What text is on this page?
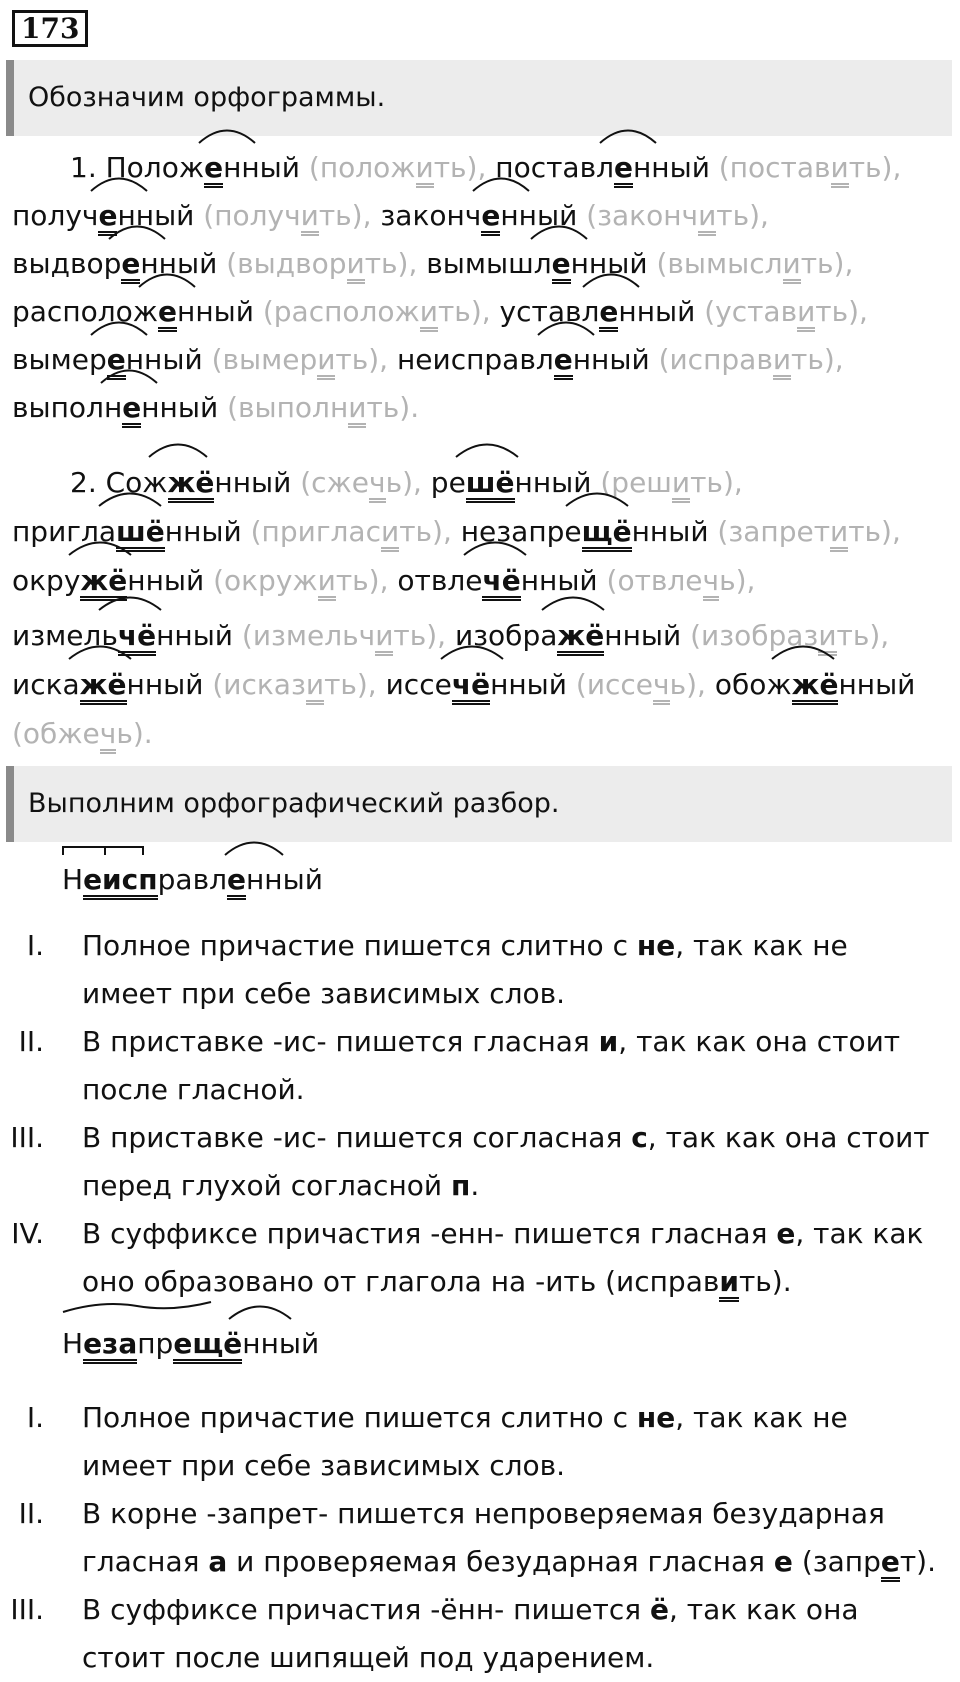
173
Обозначим орфограммы.
1. Положенный (положить), поставленный (поставить),
полученный (получить), законченный (закончить),
выдворенный (выдворить), вымышленный (вымыслить),
расположенный (расположить), уставленный (уставить),
вымеренный (вымерить), неисправленный (исправить),
выполненный (выполнить).
2. Сожжённый (сжечь), решённый (решить),
приглашённый (пригласить), незапрещённый (запретить),
окружённый (окружить), отвлечённый (отвлечь),
измельчённый (измельчить), изображённый (изобразить),
искажённый (исказить), иссечённый (иссечь), обожжённый
(обжечь).
Выполним орфографический разбор.
Неисправленный
I. Полное причастие пишется слитно с не, так как не
имеет при себе зависимых слов.
II. В приставке -ис- пишется гласная и, так как она стоит
после гласной.
III. В приставке -ис- пишется согласная с, так как она стоит
перед глухой согласной п.
IV. В суффиксе причастия -енн- пишется гласная е, так как
оно образовано от глагола на -ить (исправить).
Незапрещённый
I. Полное причастие пишется слитно с не, так как не
имеет при себе зависимых слов.
II. В корне -запрет- пишется непроверяемая безударная
гласная а и проверяемая безударная гласная е (запрет).
III. В суффиксе причастия -ённ- пишется ё, так как она
стоит после шипящей под ударением.
